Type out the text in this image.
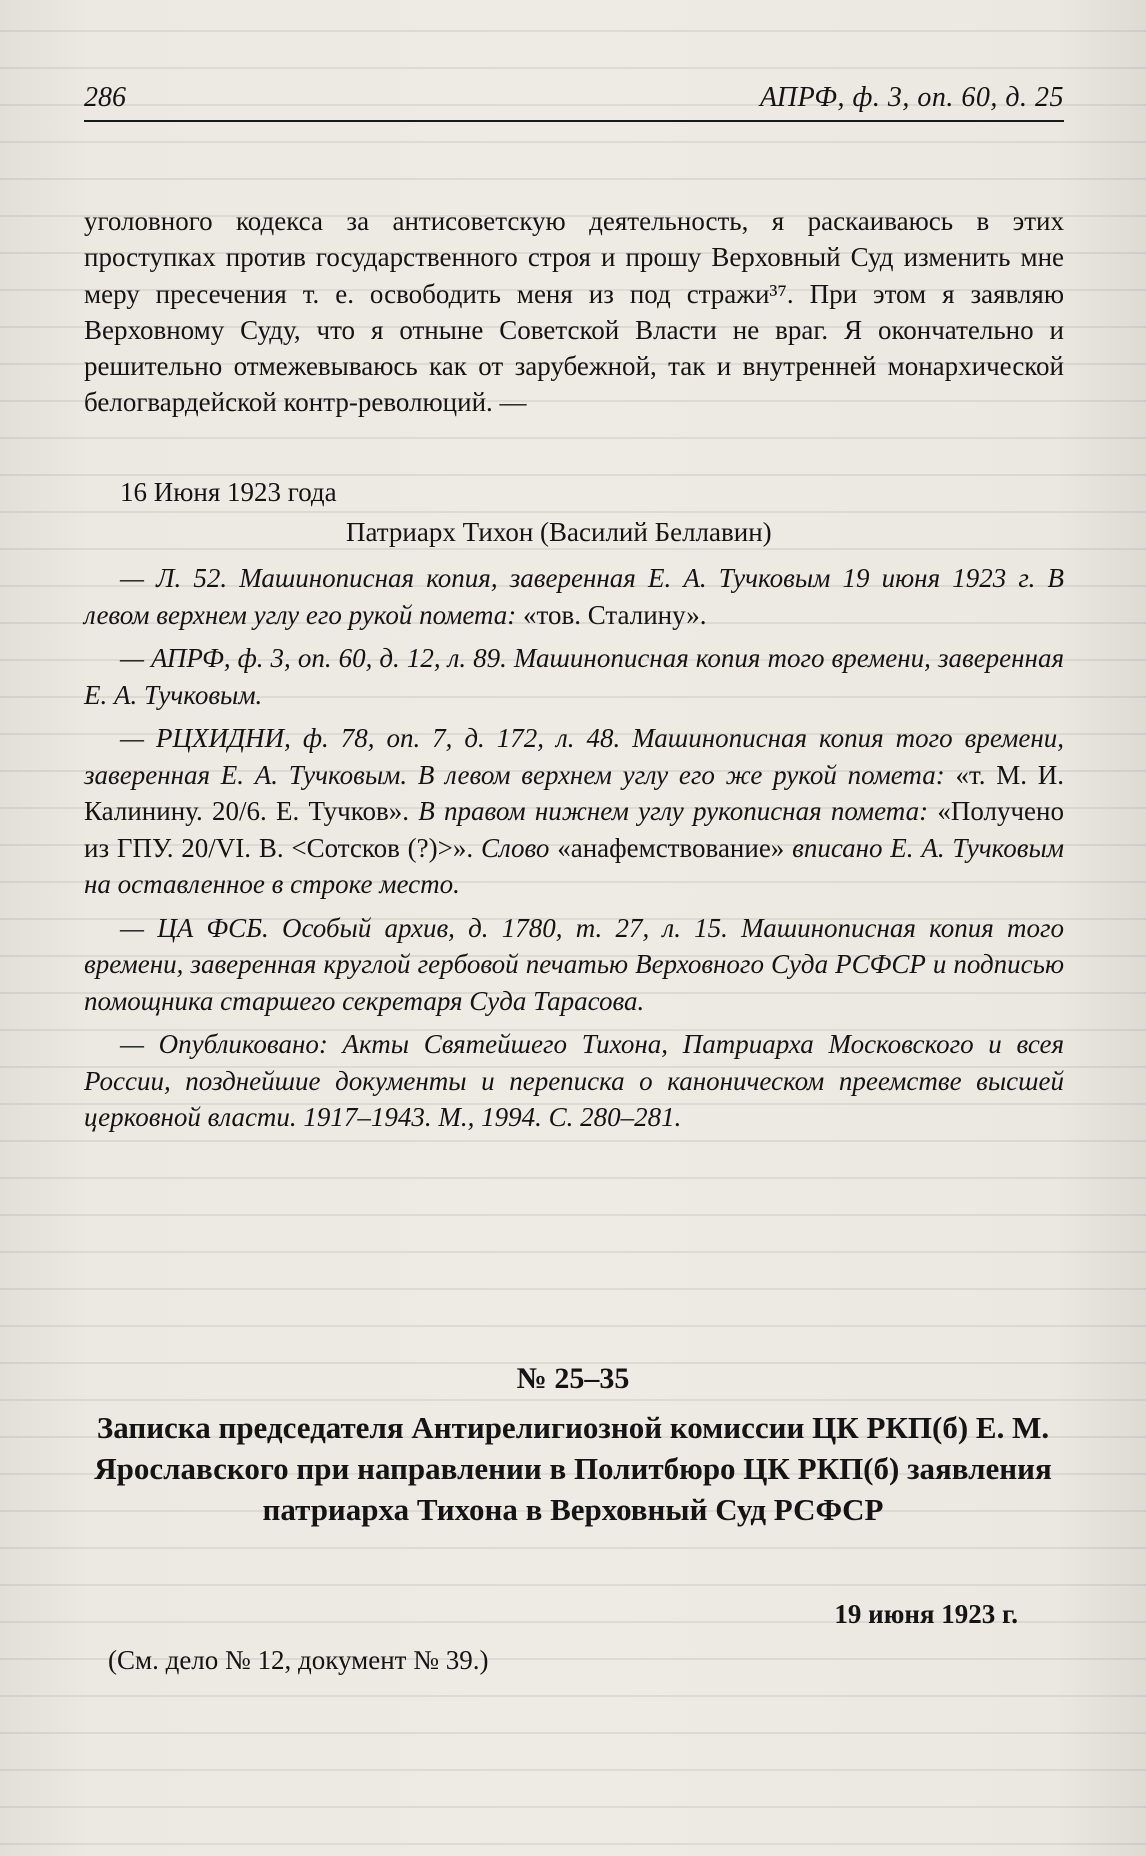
286	АПРФ, ф. 3, оп. 60, д. 25
уголовного кодекса за антисоветскую деятельность, я раскаиваюсь в этих проступках против государственного строя и прошу Верховный Суд изменить мне меру пресечения т. е. освободить меня из под стражи³⁷. При этом я заявляю Верховному Суду, что я отныне Советской Власти не враг. Я окончательно и решительно отмежевываюсь как от зарубежной, так и внутренней монархической белогвардейской контр-революций. —
16 Июня 1923 года
Патриарх Тихон (Василий Беллавин)

— Л. 52. Машинописная копия, заверенная Е. А. Тучковым 19 июня 1923 г. В левом верхнем углу его рукой помета: «тов. Сталину».

— АПРФ, ф. 3, оп. 60, д. 12, л. 89. Машинописная копия того времени, заверенная Е. А. Тучковым.

— РЦХИДНИ, ф. 78, оп. 7, д. 172, л. 48. Машинописная копия того времени, заверенная Е. А. Тучковым. В левом верхнем углу его же рукой помета: «т. М. И. Калинину. 20/6. Е. Тучков». В правом нижнем углу рукописная помета: «Получено из ГПУ. 20/VI. В. <Сотсков (?)>». Слово «анафемствование» вписано Е. А. Тучковым на оставленное в строке место.

— ЦА ФСБ. Особый архив, д. 1780, т. 27, л. 15. Машинописная копия того времени, заверенная круглой гербовой печатью Верховного Суда РСФСР и подписью помощника старшего секретаря Суда Тарасова.

— Опубликовано: Акты Святейшего Тихона, Патриарха Московского и всея России, позднейшие документы и переписка о каноническом преемстве высшей церковной власти. 1917–1943. М., 1994. С. 280–281.

№ 25–35
Записка председателя Антирелигиозной комиссии ЦК РКП(б) Е. М. Ярославского при направлении в Политбюро ЦК РКП(б) заявления патриарха Тихона в Верховный Суд РСФСР
19 июня 1923 г.
(См. дело № 12, документ № 39.)
